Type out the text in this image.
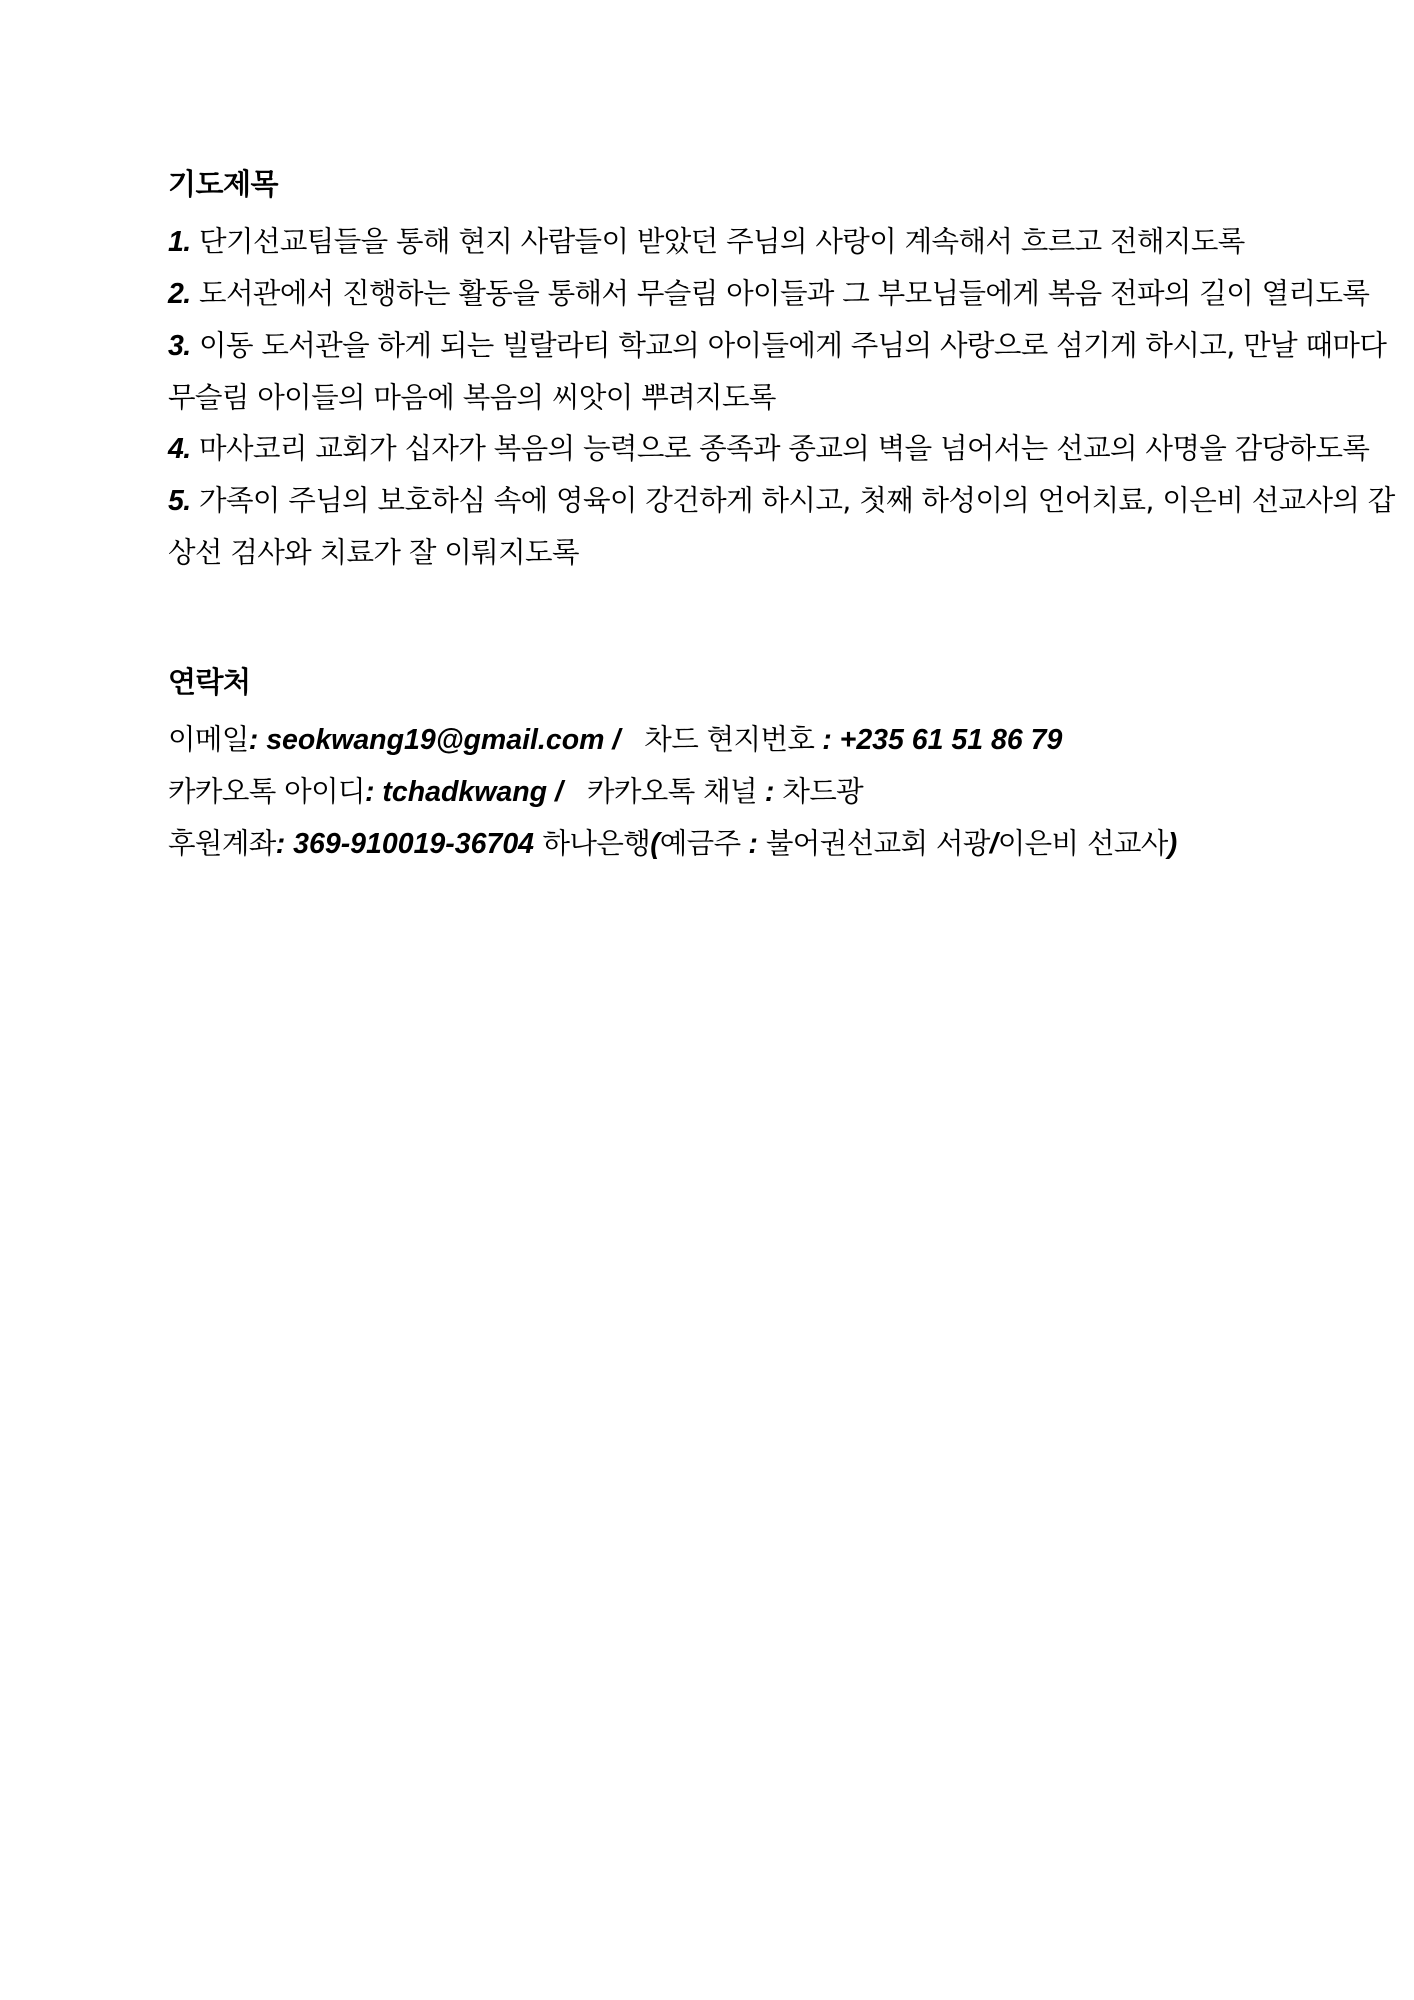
기도제목
1. 단기선교팀들을 통해 현지 사람들이 받았던 주님의 사랑이 계속해서 흐르고 전해지도록
2. 도서관에서 진행하는 활동을 통해서 무슬림 아이들과 그 부모님들에게 복음 전파의 길이 열리도록
3. 이동 도서관을 하게 되는 빌랄라티 학교의 아이들에게 주님의 사랑으로 섬기게 하시고, 만날 때마다 무슬림 아이들의 마음에 복음의 씨앗이 뿌려지도록
4. 마사코리 교회가 십자가 복음의 능력으로 종족과 종교의 벽을 넘어서는 선교의 사명을 감당하도록
5. 가족이 주님의 보호하심 속에 영육이 강건하게 하시고, 첫째 하성이의 언어치료, 이은비 선교사의 갑상선 검사와 치료가 잘 이뤄지도록
연락처
이메일: seokwang19@gmail.com / 차드 현지번호 : +235 61 51 86 79
카카오톡 아이디: tchadkwang / 카카오톡 채널 : 차드광
후원계좌: 369-910019-36704 하나은행(예금주 : 불어권선교회 서광/이은비 선교사)
